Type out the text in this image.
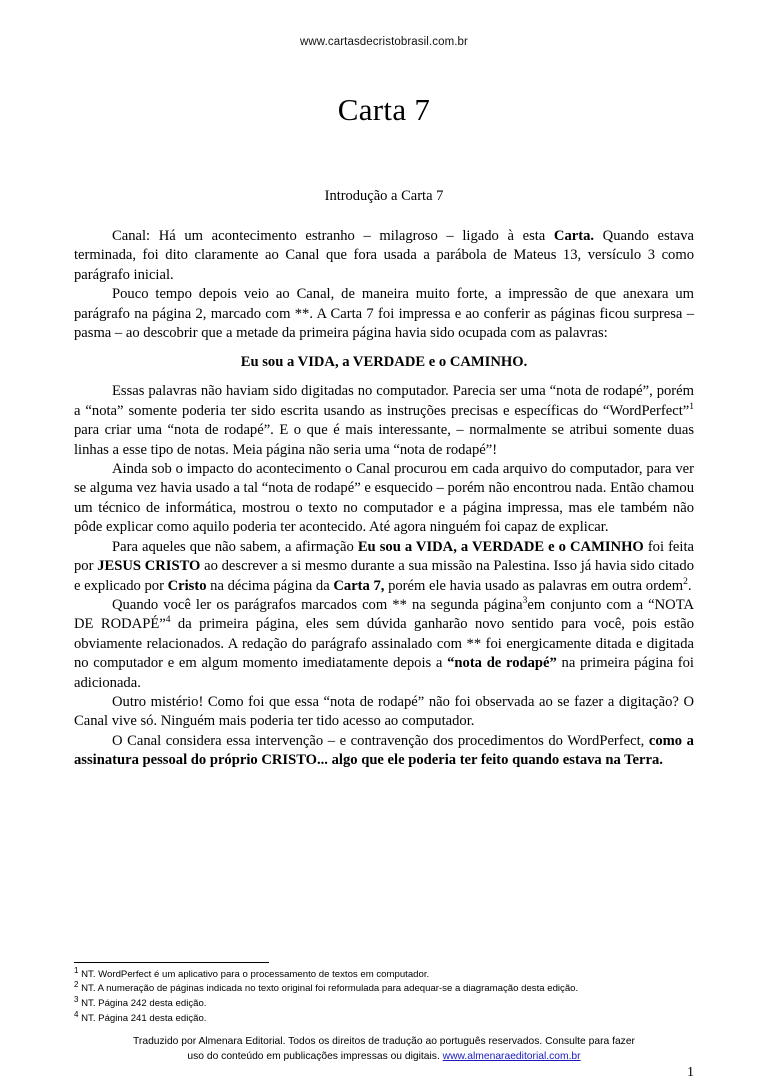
www.cartasdecristobrasil.com.br
Carta 7
Introdução a Carta 7

Canal: Há um acontecimento estranho – milagroso – ligado à esta Carta. Quando estava terminada, foi dito claramente ao Canal que fora usada a parábola de Mateus 13, versículo 3 como parágrafo inicial.

Pouco tempo depois veio ao Canal, de maneira muito forte, a impressão de que anexara um parágrafo na página 2, marcado com **. A Carta 7 foi impressa e ao conferir as páginas ficou surpresa – pasma – ao descobrir que a metade da primeira página havia sido ocupada com as palavras:

Eu sou a VIDA, a VERDADE e o CAMINHO.

Essas palavras não haviam sido digitadas no computador. Parecia ser uma “nota de rodapé”, porém a “nota” somente poderia ter sido escrita usando as instruções precisas e específicas do “WordPerfect”$^1$ para criar uma “nota de rodapé”. E o que é mais interessante, – normalmente se atribui somente duas linhas a esse tipo de notas. Meia página não seria uma “nota de rodapé”!

Ainda sob o impacto do acontecimento o Canal procurou em cada arquivo do computador, para ver se alguma vez havia usado a tal “nota de rodapé” e esquecido – porém não encontrou nada. Então chamou um técnico de informática, mostrou o texto no computador e a página impressa, mas ele também não pôde explicar como aquilo poderia ter acontecido. Até agora ninguém foi capaz de explicar.

Para aqueles que não sabem, a afirmação Eu sou a VIDA, a VERDADE e o CAMINHO foi feita por JESUS CRISTO ao descrever a si mesmo durante a sua missão na Palestina. Isso já havia sido citado e explicado por Cristo na décima página da Carta 7, porém ele havia usado as palavras em outra ordem$^2$.

Quando você ler os parágrafos marcados com ** na segunda página$^3$em conjunto com a “NOTA DE RODAPÉ”$^4$ da primeira página, eles sem dúvida ganharão novo sentido para você, pois estão obviamente relacionados. A redação do parágrafo assinalado com ** foi energicamente ditada e digitada no computador e em algum momento imediatamente depois a “nota de rodapé” na primeira página foi adicionada.

Outro mistério! Como foi que essa “nota de rodapé” não foi observada ao se fazer a digitação? O Canal vive só. Ninguém mais poderia ter tido acesso ao computador.

O Canal considera essa intervenção – e contravenção dos procedimentos do WordPerfect, como a assinatura pessoal do próprio CRISTO... algo que ele poderia ter feito quando estava na Terra.

$^1$ NT. WordPerfect é um aplicativo para o processamento de textos em computador.

$^2$ NT. A numeração de páginas indicada no texto original foi reformulada para adequar-se a diagramação desta edição.

$^3$ NT. Página 242 desta edição.

$^4$ NT. Página 241 desta edição.

Traduzido por Almenara Editorial. Todos os direitos de tradução ao português reservados. Consulte para fazer
uso do conteúdo em publicações impressas ou digitais. www.almenaraeditorial.com.br
1
